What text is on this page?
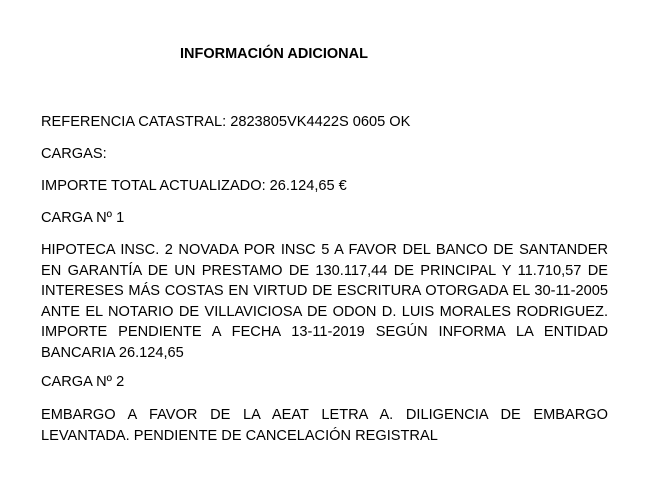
INFORMACIÓN ADICIONAL
REFERENCIA CATASTRAL: 2823805VK4422S 0605 OK
CARGAS:
IMPORTE TOTAL ACTUALIZADO: 26.124,65 €
CARGA Nº 1
HIPOTECA INSC. 2 NOVADA POR INSC 5 A FAVOR DEL BANCO DE SANTANDER EN GARANTÍA DE UN PRESTAMO DE 130.117,44 DE PRINCIPAL Y 11.710,57 DE INTERESES MÁS COSTAS EN VIRTUD DE ESCRITURA OTORGADA EL 30-11-2005 ANTE EL NOTARIO DE VILLAVICIOSA DE ODON D. LUIS MORALES RODRIGUEZ. IMPORTE PENDIENTE A FECHA 13-11-2019 SEGÚN INFORMA LA ENTIDAD BANCARIA 26.124,65
CARGA Nº 2
EMBARGO A FAVOR DE LA AEAT LETRA A. DILIGENCIA DE EMBARGO LEVANTADA. PENDIENTE DE CANCELACIÓN REGISTRAL
